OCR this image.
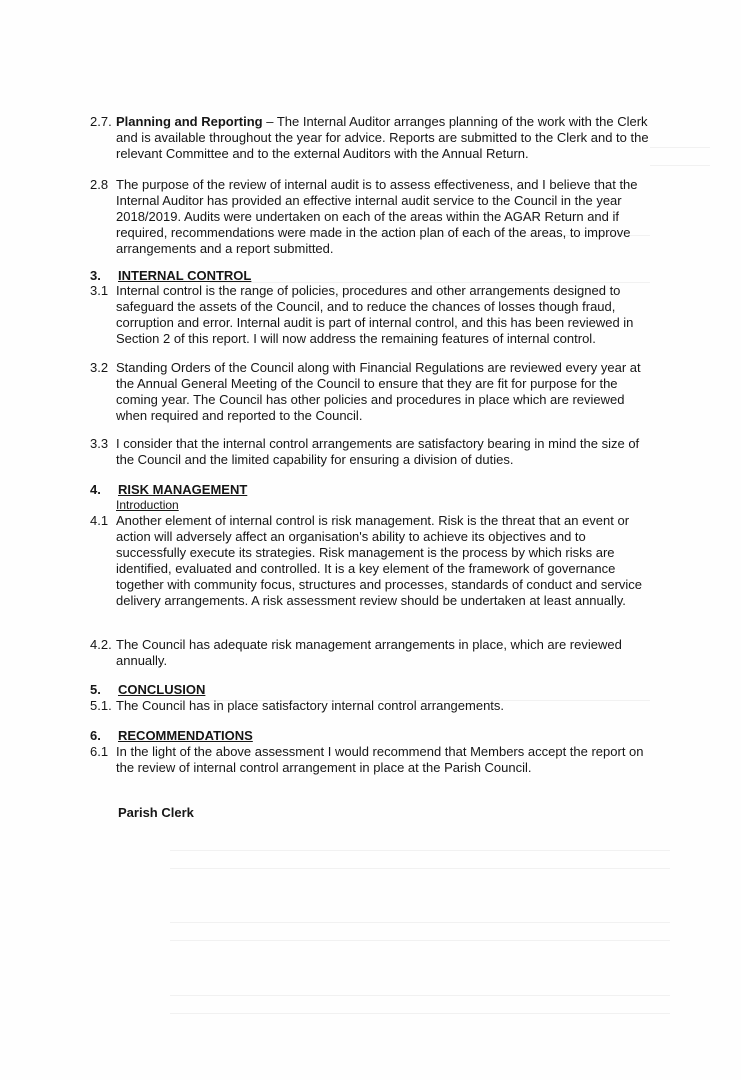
2.7. Planning and Reporting – The Internal Auditor arranges planning of the work with the Clerk and is available throughout the year for advice. Reports are submitted to the Clerk and to the relevant Committee and to the external Auditors with the Annual Return.

2.8 The purpose of the review of internal audit is to assess effectiveness, and I believe that the Internal Auditor has provided an effective internal audit service to the Council in the year 2018/2019. Audits were undertaken on each of the areas within the AGAR Return and if required, recommendations were made in the action plan of each of the areas, to improve arrangements and a report submitted.

3. INTERNAL CONTROL

3.1 Internal control is the range of policies, procedures and other arrangements designed to safeguard the assets of the Council, and to reduce the chances of losses though fraud, corruption and error. Internal audit is part of internal control, and this has been reviewed in Section 2 of this report. I will now address the remaining features of internal control.

3.2 Standing Orders of the Council along with Financial Regulations are reviewed every year at the Annual General Meeting of the Council to ensure that they are fit for purpose for the coming year. The Council has other policies and procedures in place which are reviewed when required and reported to the Council.

3.3 I consider that the internal control arrangements are satisfactory bearing in mind the size of the Council and the limited capability for ensuring a division of duties.

4. RISK MANAGEMENT

Introduction

4.1 Another element of internal control is risk management. Risk is the threat that an event or action will adversely affect an organisation's ability to achieve its objectives and to successfully execute its strategies. Risk management is the process by which risks are identified, evaluated and controlled. It is a key element of the framework of governance together with community focus, structures and processes, standards of conduct and service delivery arrangements. A risk assessment review should be undertaken at least annually.

4.2. The Council has adequate risk management arrangements in place, which are reviewed annually.

5. CONCLUSION

5.1. The Council has in place satisfactory internal control arrangements.

6. RECOMMENDATIONS

6.1 In the light of the above assessment I would recommend that Members accept the report on the review of internal control arrangement in place at the Parish Council.

Parish Clerk
